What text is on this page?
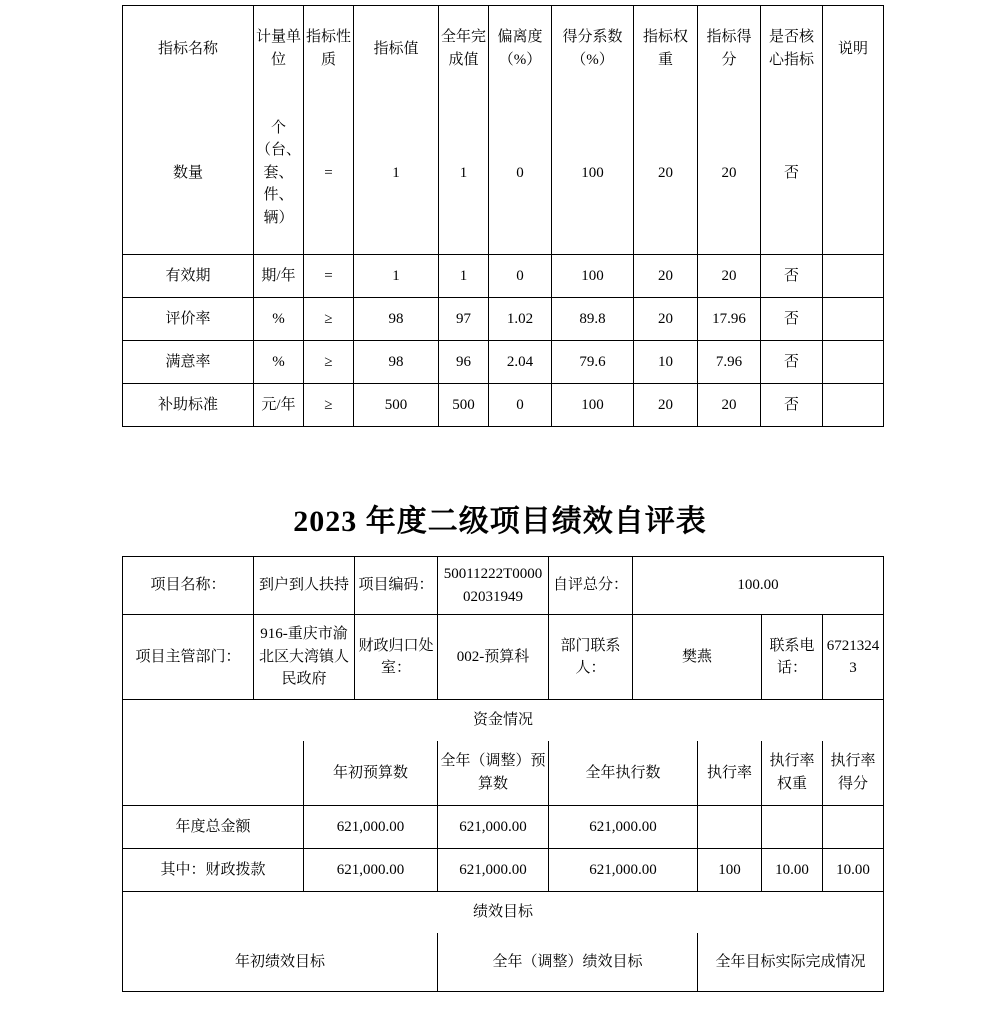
指标名称	计量单位	指标性质	指标值	全年完成值	偏离度（%）	得分系数（%）	指标权重	指标得分	是否核心指标	说明
数量	个（台、套、件、辆）	=	1	1	0	100	20	20	否	
有效期	期/年	=	1	1	0	100	20	20	否	
评价率	%	≥	98	97	1.02	89.8	20	17.96	否	
满意率	%	≥	98	96	2.04	79.6	10	7.96	否	
补助标准	元/年	≥	500	500	0	100	20	20	否	
2023 年度二级项目绩效自评表
项目名称：	到户到人扶持		项目编码：	50011222T000002031949	自评总分：	100.00			
项目主管部门：	916-重庆市渝北区大湾镇人民政府		财政归口处室：	002-预算科	部门联系人：	樊燕		联系电话：	67213243
资金情况									
		年初预算数		全年（调整）预算数	全年执行数		执行率	执行率权重	执行率得分
年度总金额		621,000.00		621,000.00	621,000.00				
其中：财政拨款		621,000.00		621,000.00	621,000.00		100	10.00	10.00
绩效目标									
年初绩效目标				全年（调整）绩效目标			全年目标实际完成情况		
